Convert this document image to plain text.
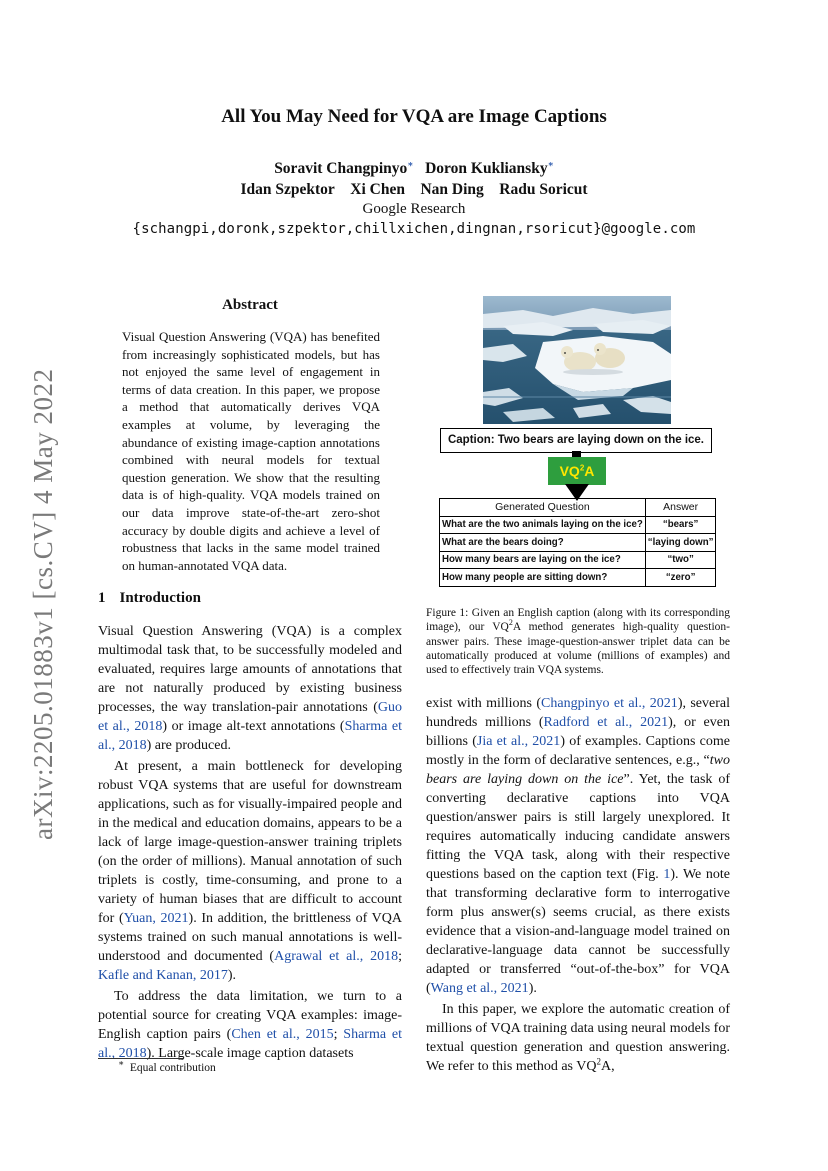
arXiv:2205.01883v1 [cs.CV] 4 May 2022
All You May Need for VQA are Image Captions
Soravit Changpinyo∗ Doron Kukliansky∗
Idan Szpektor Xi Chen Nan Ding Radu Soricut
Google Research
{schangpi,doronk,szpektor,chillxichen,dingnan,rsoricut}@google.com
Abstract
Visual Question Answering (VQA) has benefited from increasingly sophisticated models, but has not enjoyed the same level of engagement in terms of data creation. In this paper, we propose a method that automatically derives VQA examples at volume, by leveraging the abundance of existing image-caption annotations combined with neural models for textual question generation. We show that the resulting data is of high-quality. VQA models trained on our data improve state-of-the-art zero-shot accuracy by double digits and achieve a level of robustness that lacks in the same model trained on human-annotated VQA data.
1 Introduction

Visual Question Answering (VQA) is a complex multimodal task that, to be successfully modeled and evaluated, requires large amounts of annotations that are not naturally produced by existing business processes, the way translation-pair annotations (Guo et al., 2018) or image alt-text annotations (Sharma et al., 2018) are produced.

At present, a main bottleneck for developing robust VQA systems that are useful for downstream applications, such as for visually-impaired people and in the medical and education domains, appears to be a lack of large image-question-answer training triplets (on the order of millions). Manual annotation of such triplets is costly, time-consuming, and prone to a variety of human biases that are difficult to account for (Yuan, 2021). In addition, the brittleness of VQA systems trained on such manual annotations is well-understood and documented (Agrawal et al., 2018; Kafle and Kanan, 2017).

To address the data limitation, we turn to a potential source for creating VQA examples: image-English caption pairs (Chen et al., 2015; Sharma et al., 2018). Large-scale image caption datasets

∗ Equal contribution
Caption: Two bears are laying down on the ice.
$VQ^2A$
Generated Question	Answer
What are the two animals laying on the ice?	“bears”
What are the bears doing?	“laying down”
How many bears are laying on the ice?	“two”
How many people are sitting down?	“zero”
Figure 1: Given an English caption (along with its corresponding image), our $VQ^2A$ method generates high-quality question-answer pairs. These image-question-answer triplet data can be automatically produced at volume (millions of examples) and used to effectively train VQA systems.

exist with millions (Changpinyo et al., 2021), several hundreds millions (Radford et al., 2021), or even billions (Jia et al., 2021) of examples. Captions come mostly in the form of declarative sentences, e.g., “two bears are laying down on the ice”. Yet, the task of converting declarative captions into VQA question/answer pairs is still largely unexplored. It requires automatically inducing candidate answers fitting the VQA task, along with their respective questions based on the caption text (Fig. 1). We note that transforming declarative form to interrogative form plus answer(s) seems crucial, as there exists evidence that a vision-and-language model trained on declarative-language data cannot be successfully adapted or transferred “out-of-the-box” for VQA (Wang et al., 2021).

In this paper, we explore the automatic creation of millions of VQA training data using neural models for textual question generation and question answering. We refer to this method as $VQ^2A$,
